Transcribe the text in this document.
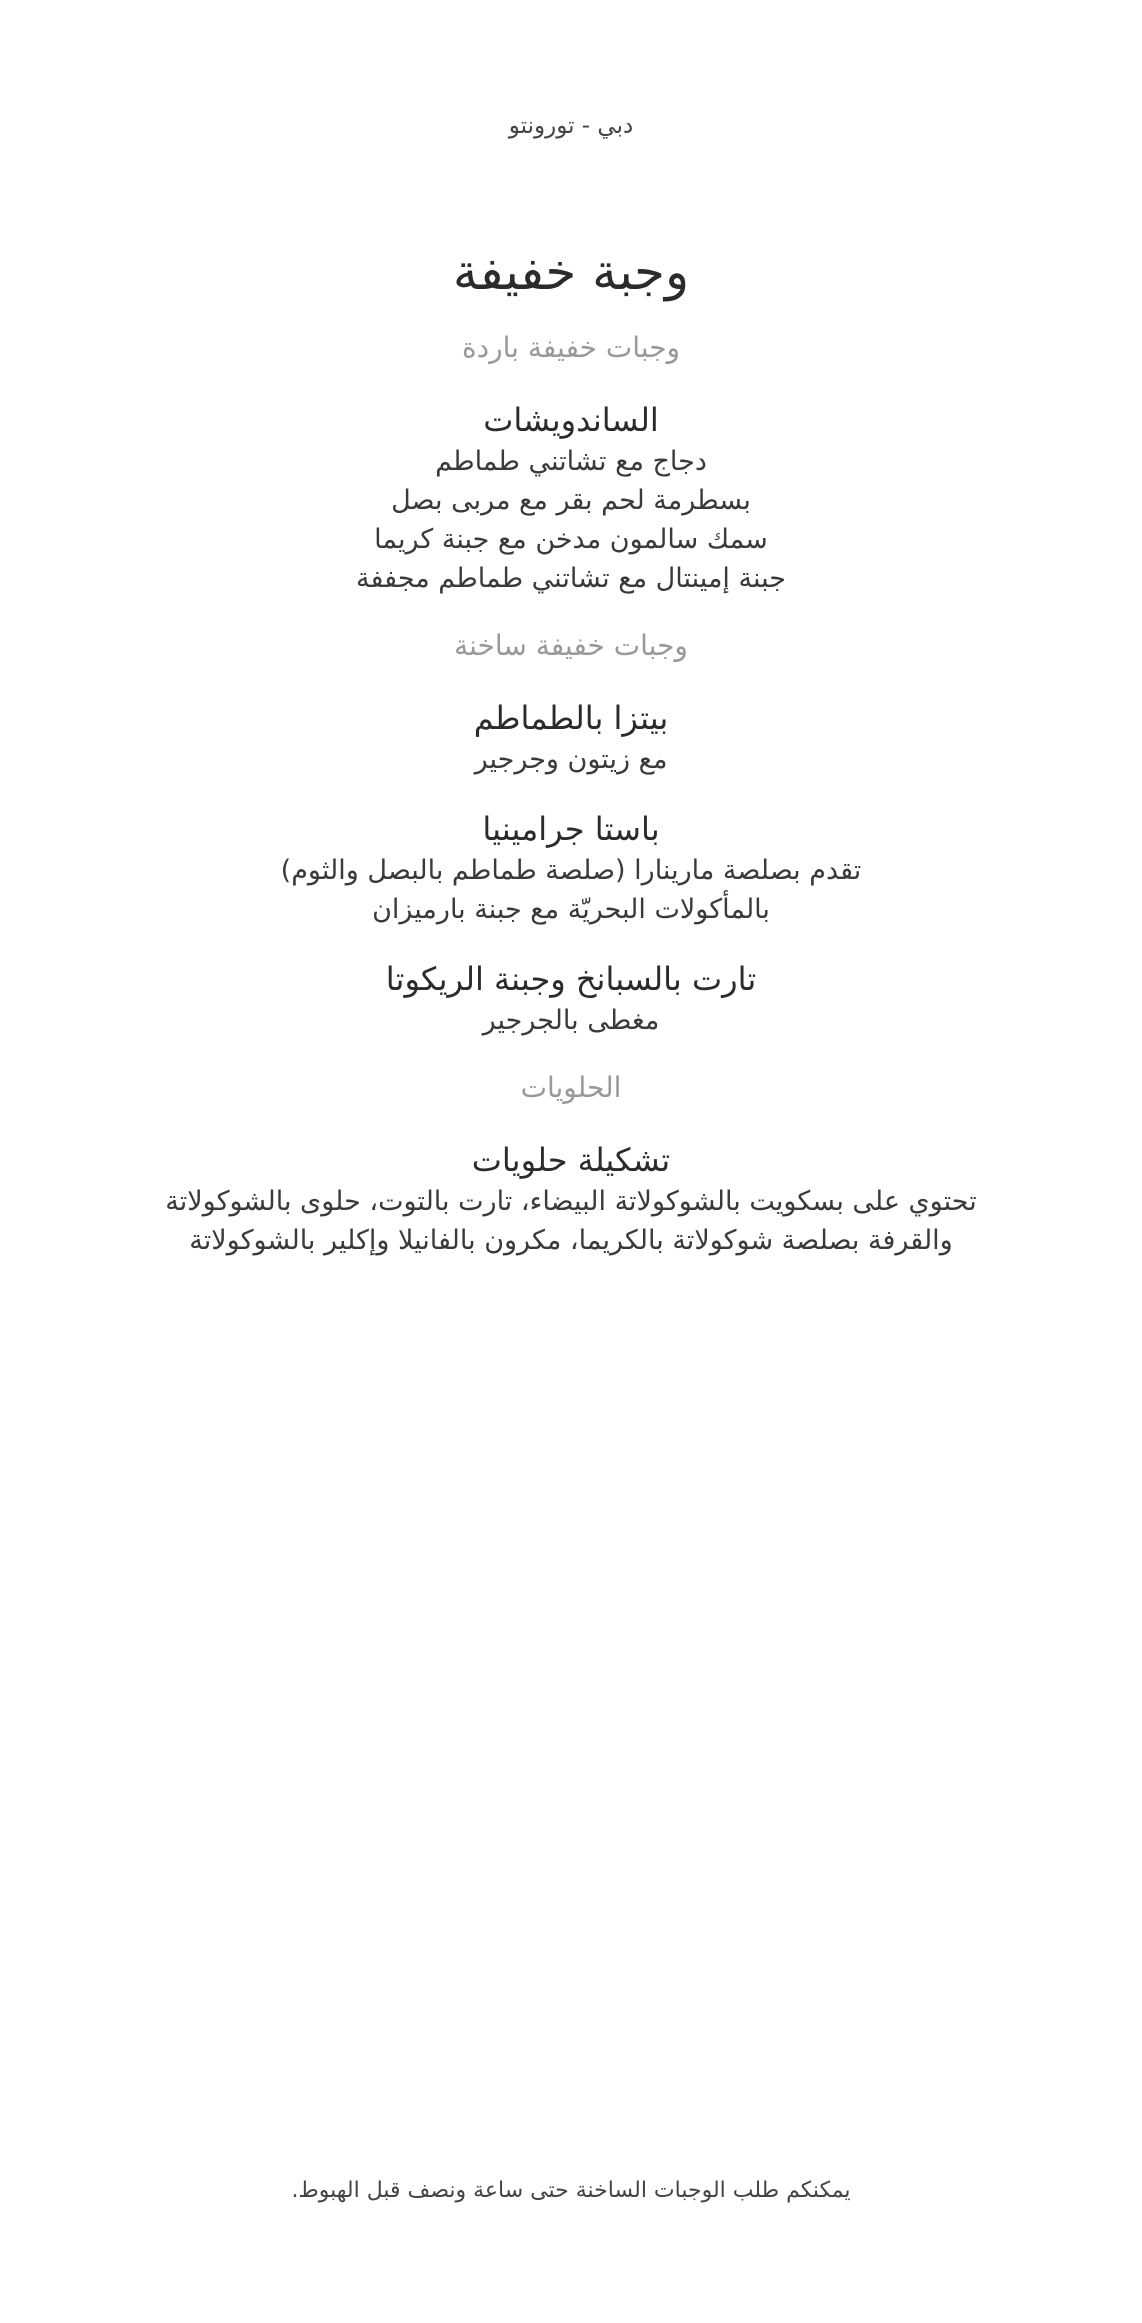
دبي - تورونتو
وجبة خفيفة
وجبات خفيفة باردة
الساندويشات
دجاج مع تشاتني طماطم
بسطرمة لحم بقر مع مربى بصل
سمك سالمون مدخن مع جبنة كريما
جبنة إمينتال مع تشاتني طماطم مجففة
وجبات خفيفة ساخنة
بيتزا بالطماطم
مع زيتون وجرجير
باستا جرامينيا
تقدم بصلصة مارينارا (صلصة طماطم بالبصل والثوم)
بالمأكولات البحريّة مع جبنة بارميزان
تارت بالسبانخ وجبنة الريكوتا
مغطى بالجرجير
الحلويات
تشكيلة حلويات
تحتوي على بسكويت بالشوكولاتة البيضاء، تارت بالتوت، حلوى بالشوكولاتة
والقرفة بصلصة شوكولاتة بالكريما، مكرون بالفانيلا وإكلير بالشوكولاتة
يمكنكم طلب الوجبات الساخنة حتى ساعة ونصف قبل الهبوط.
